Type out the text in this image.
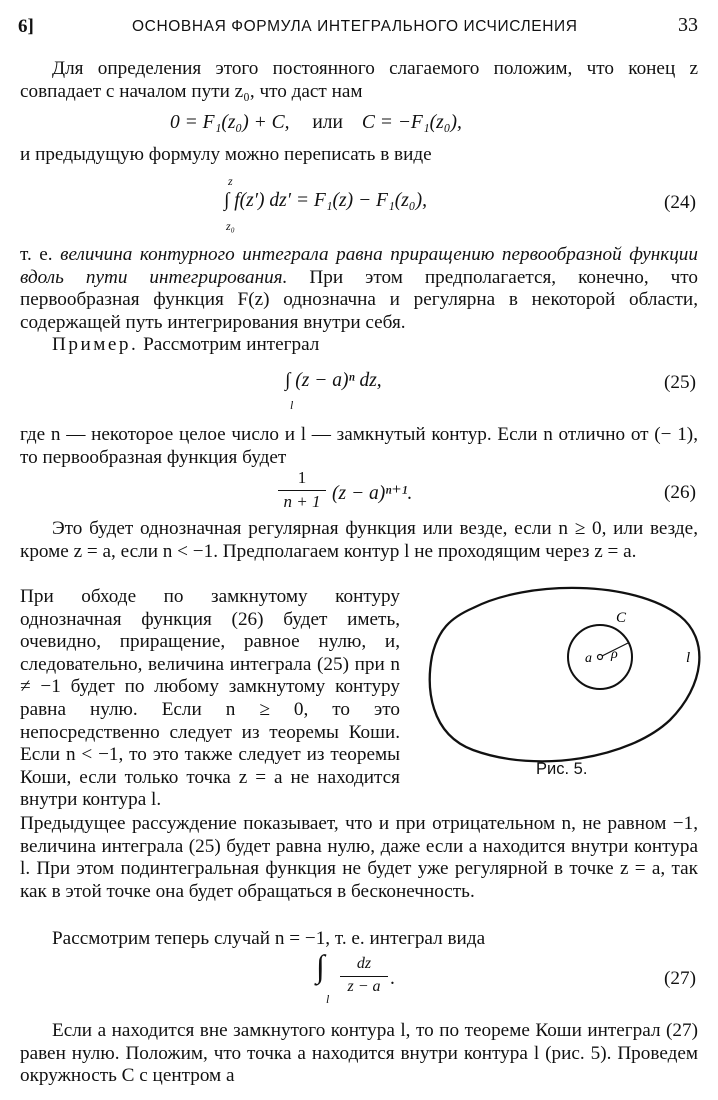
6]	ОСНОВНАЯ ФОРМУЛА ИНТЕГРАЛЬНОГО ИСЧИСЛЕНИЯ	33
Для определения этого постоянного слагаемого положим, что конец z совпадает с началом пути z₀, что даст нам
0 = F₁(z₀) + C, или C = −F₁(z₀),
и предыдущую формулу можно переписать в виде
z
∫ f(z′) dz′ = F₁(z) − F₁(z₀),
z₀
(24)
т. е. величина контурного интеграла равна приращению первообразной функции вдоль пути интегрирования. При этом предполагается, конечно, что первообразная функция F(z) однозначна и регулярна в некоторой области, содержащей путь интегрирования внутри себя.
Пример. Рассмотрим интеграл
∫ (z − a)ⁿ dz,
l
(25)
где n — некоторое целое число и l — замкнутый контур. Если n отлично от (− 1), то первообразная функция будет
1
n + 1 (z − a)ⁿ⁺¹.	(26)
Это будет однозначная регулярная функция или везде, если n ≥ 0, или везде, кроме z = a, если n < −1. Предполагаем контур l не проходящим через z = a.
При обходе по замкнутому контуру однозначная функция (26) будет иметь, очевидно, приращение, равное нулю, и, следовательно, величина интеграла (25) при n ≠ −1 будет по любому замкнутому контуру равна нулю. Если n ≥ 0, то это непосредственно следует из теоремы Коши. Если n < −1, то это также следует из теоремы Коши, если только точка z = a не находится внутри контура l.
C
l
a ρ
Рис. 5.
Предыдущее рассуждение показывает, что и при отрицательном n, не равном −1, величина интеграла (25) будет равна нулю, даже если a находится внутри контура l. При этом подинтегральная функция не будет уже регулярной в точке z = a, так как в этой точке она будет обращаться в бесконечность.
Рассмотрим теперь случай n = −1, т. е. интеграл вида
∫
l
dz
z − a .	(27)
Если a находится вне замкнутого контура l, то по теореме Коши интеграл (27) равен нулю. Положим, что точка a находится внутри контура l (рис. 5). Проведем окружность C с центром a
